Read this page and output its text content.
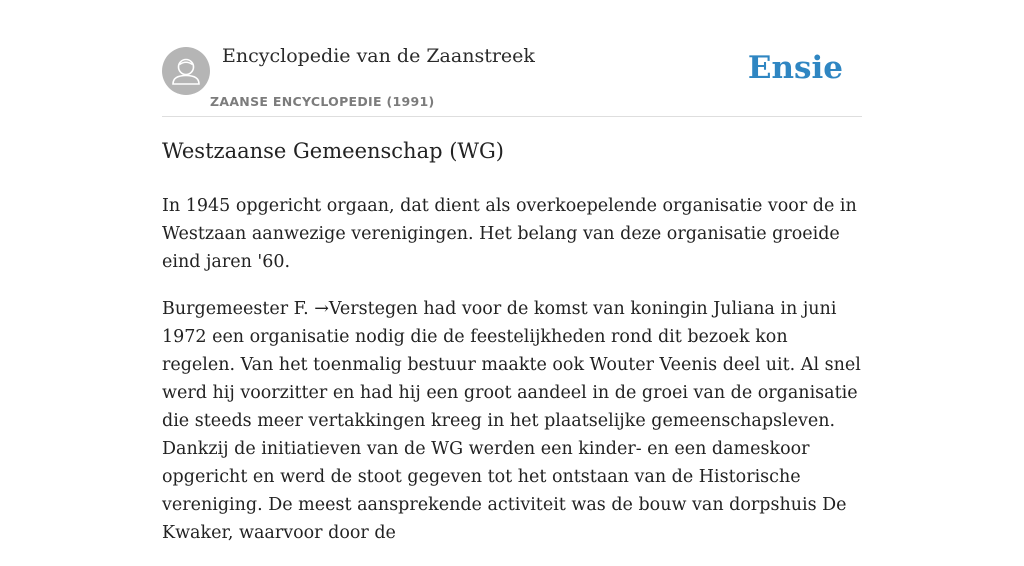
Encyclopedie van de Zaanstreek
ZAANSE ENCYCLOPEDIE (1991)
Ensie
Westzaanse Gemeenschap (WG)

In 1945 opgericht orgaan, dat dient als overkoepelende organisatie voor de in Westzaan aanwezige verenigingen. Het belang van deze organisatie groeide eind jaren '60.

Burgemeester F. →Verstegen had voor de komst van koningin Juliana in juni 1972 een organisatie nodig die de feestelijkheden rond dit bezoek kon regelen. Van het toenmalig bestuur maakte ook Wouter Veenis deel uit. Al snel werd hij voorzitter en had hij een groot aandeel in de groei van de organisatie die steeds meer vertakkingen kreeg in het plaatselijke gemeenschapsleven. Dankzij de initiatieven van de WG werden een kinder- en een dameskoor opgericht en werd de stoot gegeven tot het ontstaan van de Historische vereniging. De meest aansprekende activiteit was de bouw van dorpshuis De Kwaker, waarvoor door de
